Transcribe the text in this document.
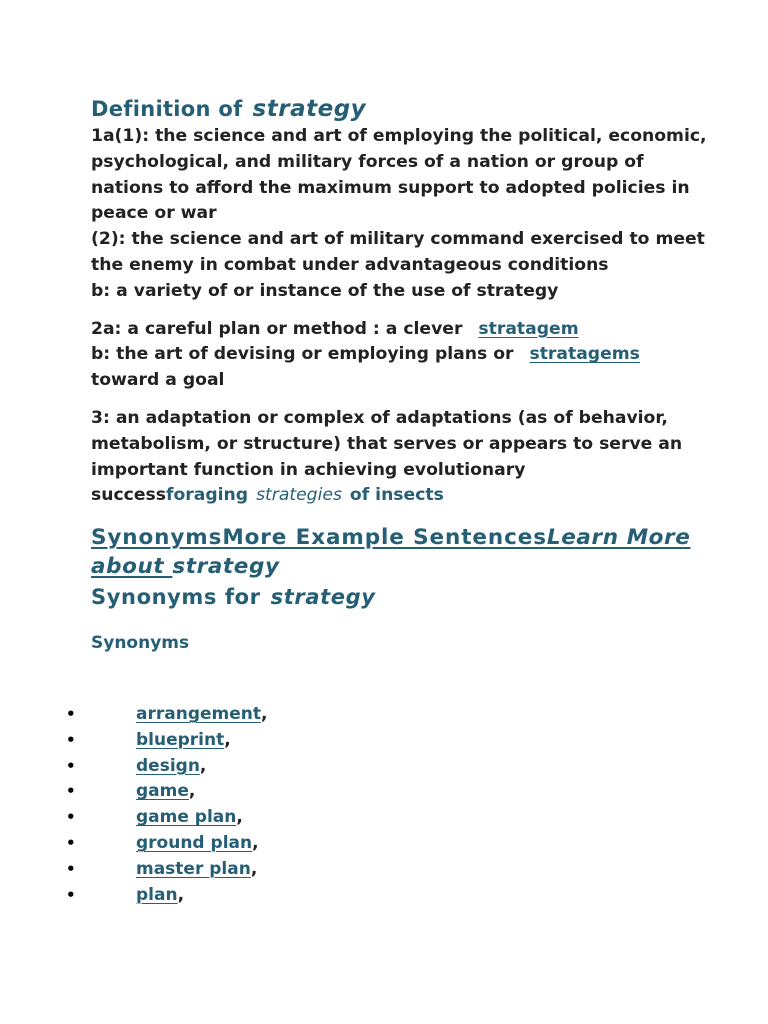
Definition of strategy
1a(1): the science and art of employing the political, economic, psychological, and military forces of a nation or group of nations to afford the maximum support to adopted policies in peace or war
(2): the science and art of military command exercised to meet the enemy in combat under advantageous conditions
b: a variety of or instance of the use of strategy
2a: a careful plan or method : a clever stratagem
b: the art of devising or employing plans or stratagems toward a goal
3: an adaptation or complex of adaptations (as of behavior, metabolism, or structure) that serves or appears to serve an important function in achieving evolutionary successforaging strategies of insects
SynonymsMore Example SentencesLearn More about strategy
Synonyms for strategy
Synonyms
•	arrangement,
•	blueprint,
•	design,
•	game,
•	game plan,
•	ground plan,
•	master plan,
•	plan,
